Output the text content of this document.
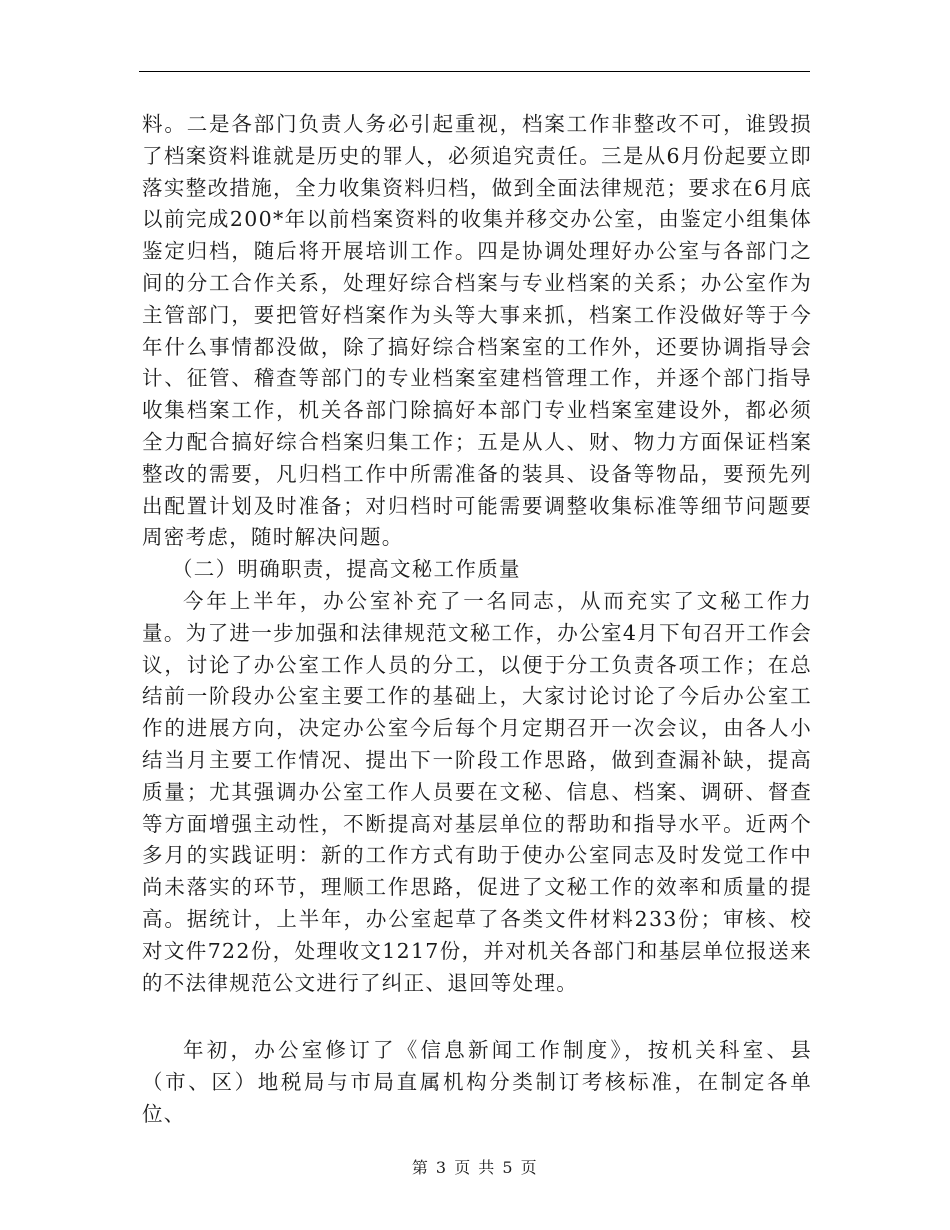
料。二是各部门负责人务必引起重视，档案工作非整改不可，谁毁损了档案资料谁就是历史的罪人，必须追究责任。三是从6月份起要立即落实整改措施，全力收集资料归档，做到全面法律规范；要求在6月底以前完成200*年以前档案资料的收集并移交办公室，由鉴定小组集体鉴定归档，随后将开展培训工作。四是协调处理好办公室与各部门之间的分工合作关系，处理好综合档案与专业档案的关系；办公室作为主管部门，要把管好档案作为头等大事来抓，档案工作没做好等于今年什么事情都没做，除了搞好综合档案室的工作外，还要协调指导会计、征管、稽查等部门的专业档案室建档管理工作，并逐个部门指导收集档案工作，机关各部门除搞好本部门专业档案室建设外，都必须全力配合搞好综合档案归集工作；五是从人、财、物力方面保证档案整改的需要，凡归档工作中所需准备的装具、设备等物品，要预先列出配置计划及时准备；对归档时可能需要调整收集标准等细节问题要周密考虑，随时解决问题。

（二）明确职责，提高文秘工作质量

今年上半年，办公室补充了一名同志，从而充实了文秘工作力量。为了进一步加强和法律规范文秘工作，办公室4月下旬召开工作会议，讨论了办公室工作人员的分工，以便于分工负责各项工作；在总结前一阶段办公室主要工作的基础上，大家讨论讨论了今后办公室工作的进展方向，决定办公室今后每个月定期召开一次会议，由各人小结当月主要工作情况、提出下一阶段工作思路，做到查漏补缺，提高质量；尤其强调办公室工作人员要在文秘、信息、档案、调研、督查等方面增强主动性，不断提高对基层单位的帮助和指导水平。近两个多月的实践证明：新的工作方式有助于使办公室同志及时发觉工作中尚未落实的环节，理顺工作思路，促进了文秘工作的效率和质量的提高。据统计，上半年，办公室起草了各类文件材料233份；审核、校对文件722份，处理收文1217份，并对机关各部门和基层单位报送来的不法律规范公文进行了纠正、退回等处理。

年初，办公室修订了《信息新闻工作制度》，按机关科室、县（市、区）地税局与市局直属机构分类制订考核标准，在制定各单位、

第 3 页 共 5 页
